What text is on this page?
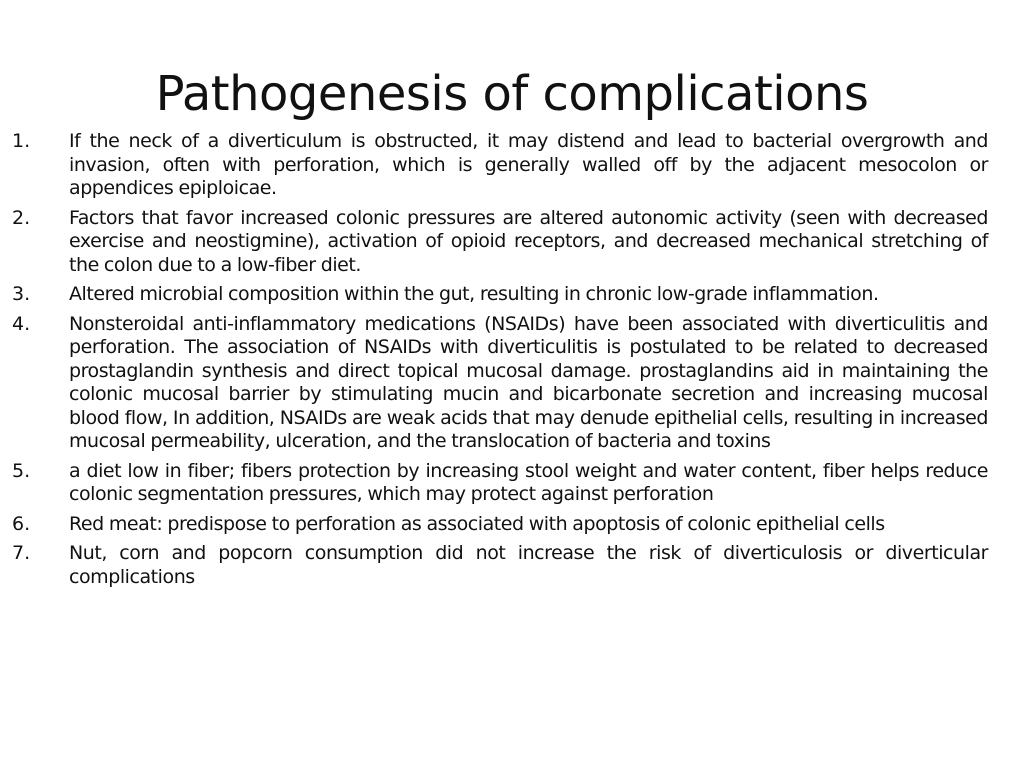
Pathogenesis of complications
1.	If the neck of a diverticulum is obstructed, it may distend and lead to bacterial overgrowth and invasion, often with perforation, which is generally walled off by the adjacent mesocolon or appendices epiploicae.
2.	Factors that favor increased colonic pressures are altered autonomic activity (seen with decreased exercise and neostigmine), activation of opioid receptors, and decreased mechanical stretching of the colon due to a low-fiber diet.
3.	Altered microbial composition within the gut, resulting in chronic low-grade inflammation.
4.	Nonsteroidal anti-inflammatory medications (NSAIDs) have been associated with diverticulitis and perforation. The association of NSAIDs with diverticulitis is postulated to be related to decreased prostaglandin synthesis and direct topical mucosal damage. prostaglandins aid in maintaining the colonic mucosal barrier by stimulating mucin and bicarbonate secretion and increasing mucosal blood flow, In addition, NSAIDs are weak acids that may denude epithelial cells, resulting in increased mucosal permeability, ulceration, and the translocation of bacteria and toxins
5.	a diet low in fiber; fibers protection by increasing stool weight and water content, fiber helps reduce colonic segmentation pressures, which may protect against perforation
6.	Red meat: predispose to perforation as associated with apoptosis of colonic epithelial cells
7.	Nut, corn and popcorn consumption did not increase the risk of diverticulosis or diverticular complications
